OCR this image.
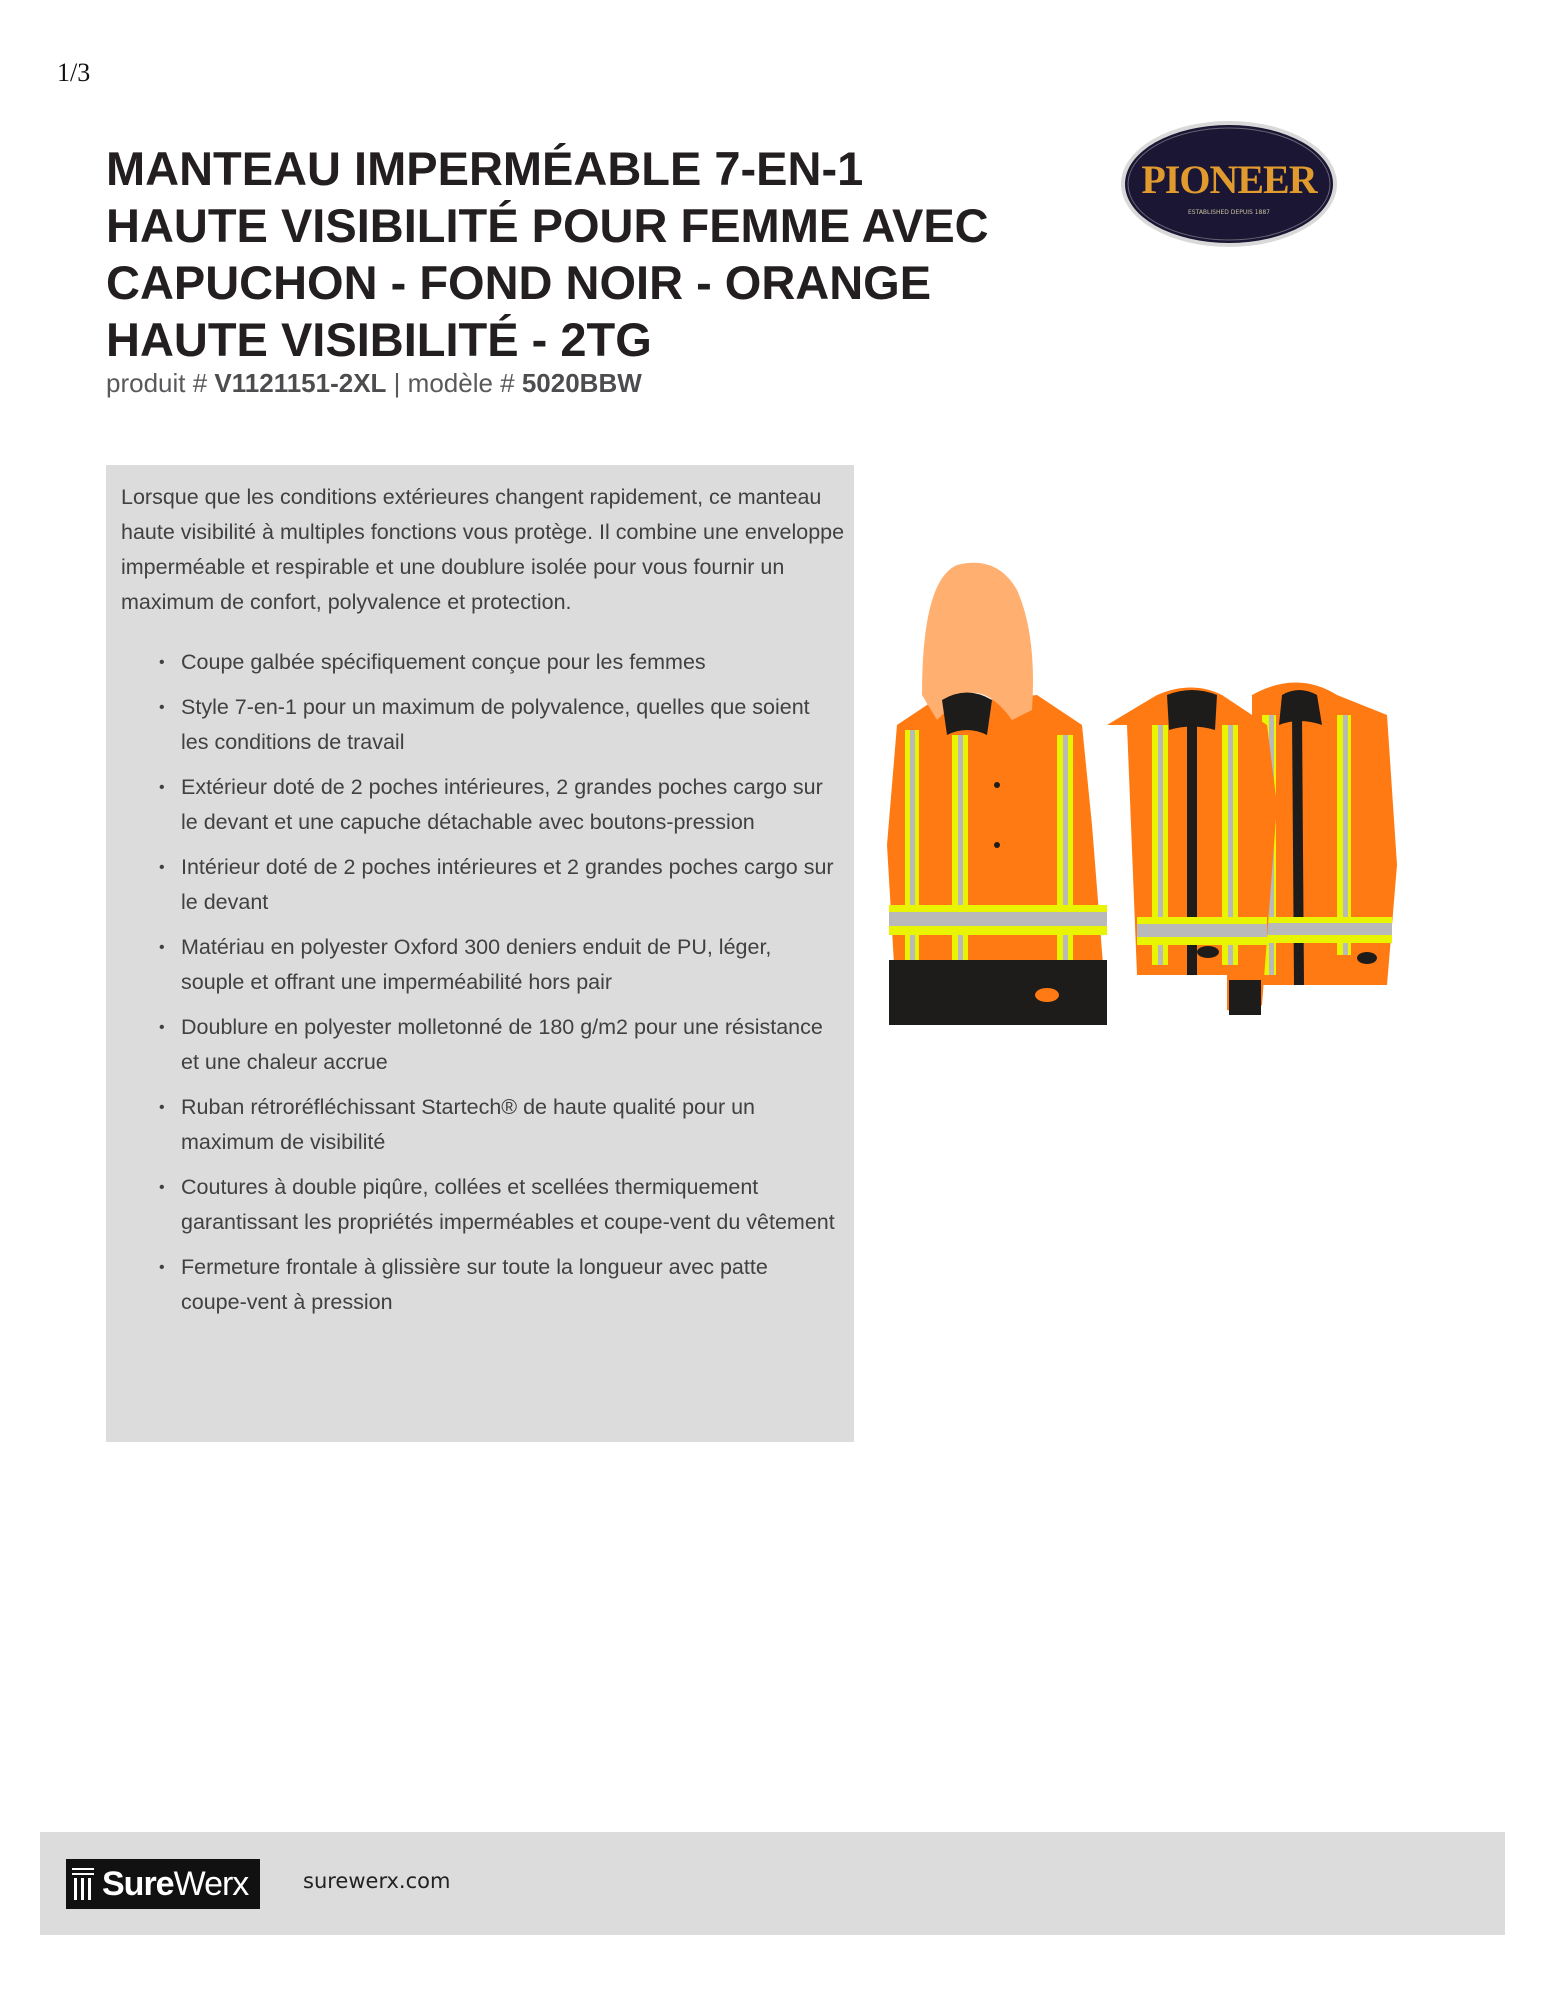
1/3
MANTEAU IMPERMÉABLE 7-EN-1
HAUTE VISIBILITÉ POUR FEMME AVEC
CAPUCHON - FOND NOIR - ORANGE
HAUTE VISIBILITÉ - 2TG
produit # V1121151-2XL | modèle # 5020BBW
PIONEER
ESTABLISHED DEPUIS 1887

Lorsque que les conditions extérieures changent rapidement, ce manteau haute visibilité à multiples fonctions vous protège. Il combine une enveloppe imperméable et respirable et une doublure isolée pour vous fournir un maximum de confort, polyvalence et protection.

• Coupe galbée spécifiquement conçue pour les femmes
• Style 7-en-1 pour un maximum de polyvalence, quelles que soient les conditions de travail
• Extérieur doté de 2 poches intérieures, 2 grandes poches cargo sur le devant et une capuche détachable avec boutons-pression
• Intérieur doté de 2 poches intérieures et 2 grandes poches cargo sur le devant
• Matériau en polyester Oxford 300 deniers enduit de PU, léger, souple et offrant une imperméabilité hors pair
• Doublure en polyester molletonné de 180 g/m2 pour une résistance et une chaleur accrue
• Ruban rétroréfléchissant Startech® de haute qualité pour un maximum de visibilité
• Coutures à double piqûre, collées et scellées thermiquement garantissant les propriétés imperméables et coupe-vent du vêtement
• Fermeture frontale à glissière sur toute la longueur avec patte coupe-vent à pression
SureWerx	surewerx.com
